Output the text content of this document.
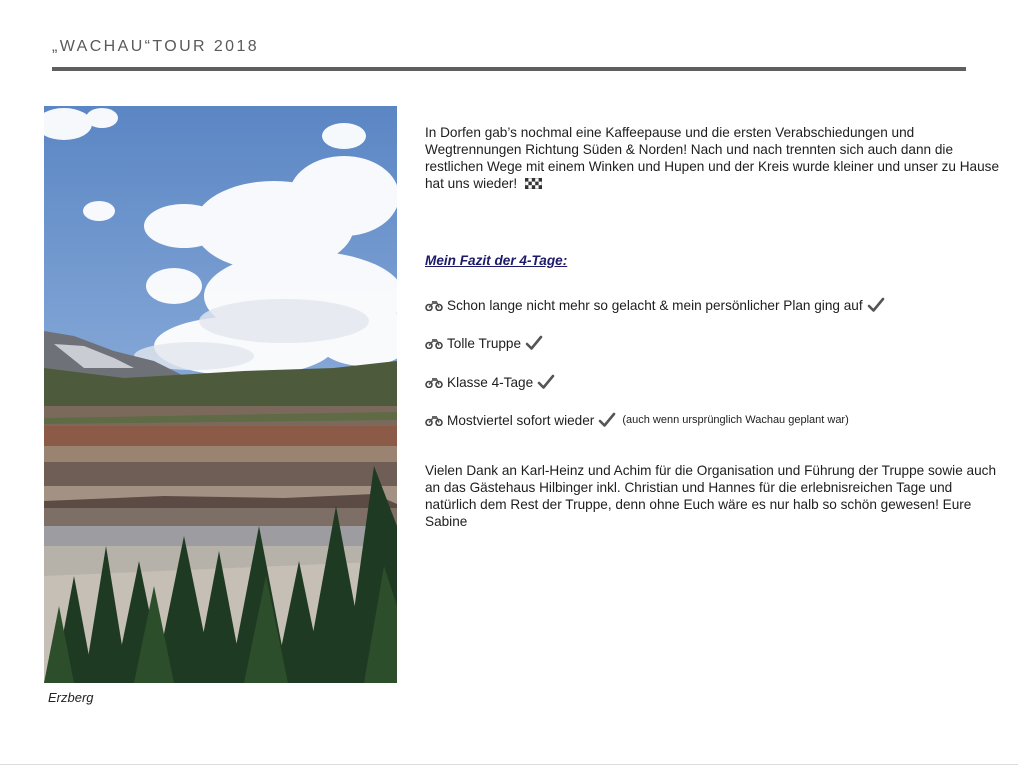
„WACHAU“TOUR 2018
Erzberg

In Dorfen gab’s nochmal eine Kaffeepause und die ersten Verabschiedungen und Wegtrennungen Richtung Süden & Norden! Nach und nach trennten sich auch dann die restlichen Wege mit einem Winken und Hupen und der Kreis wurde kleiner und unser zu Hause hat uns wieder!

Mein Fazit der 4-Tage:
Schon lange nicht mehr so gelacht & mein persönlicher Plan ging auf
Tolle Truppe
Klasse 4-Tage
Mostviertel sofort wieder	(auch wenn ursprünglich Wachau geplant war)

Vielen Dank an Karl-Heinz und Achim für die Organisation und Führung der Truppe sowie auch an das Gästehaus Hilbinger inkl. Christian und Hannes für die erlebnisreichen Tage und natürlich dem Rest der Truppe, denn ohne Euch wäre es nur halb so schön gewesen! Eure Sabine
